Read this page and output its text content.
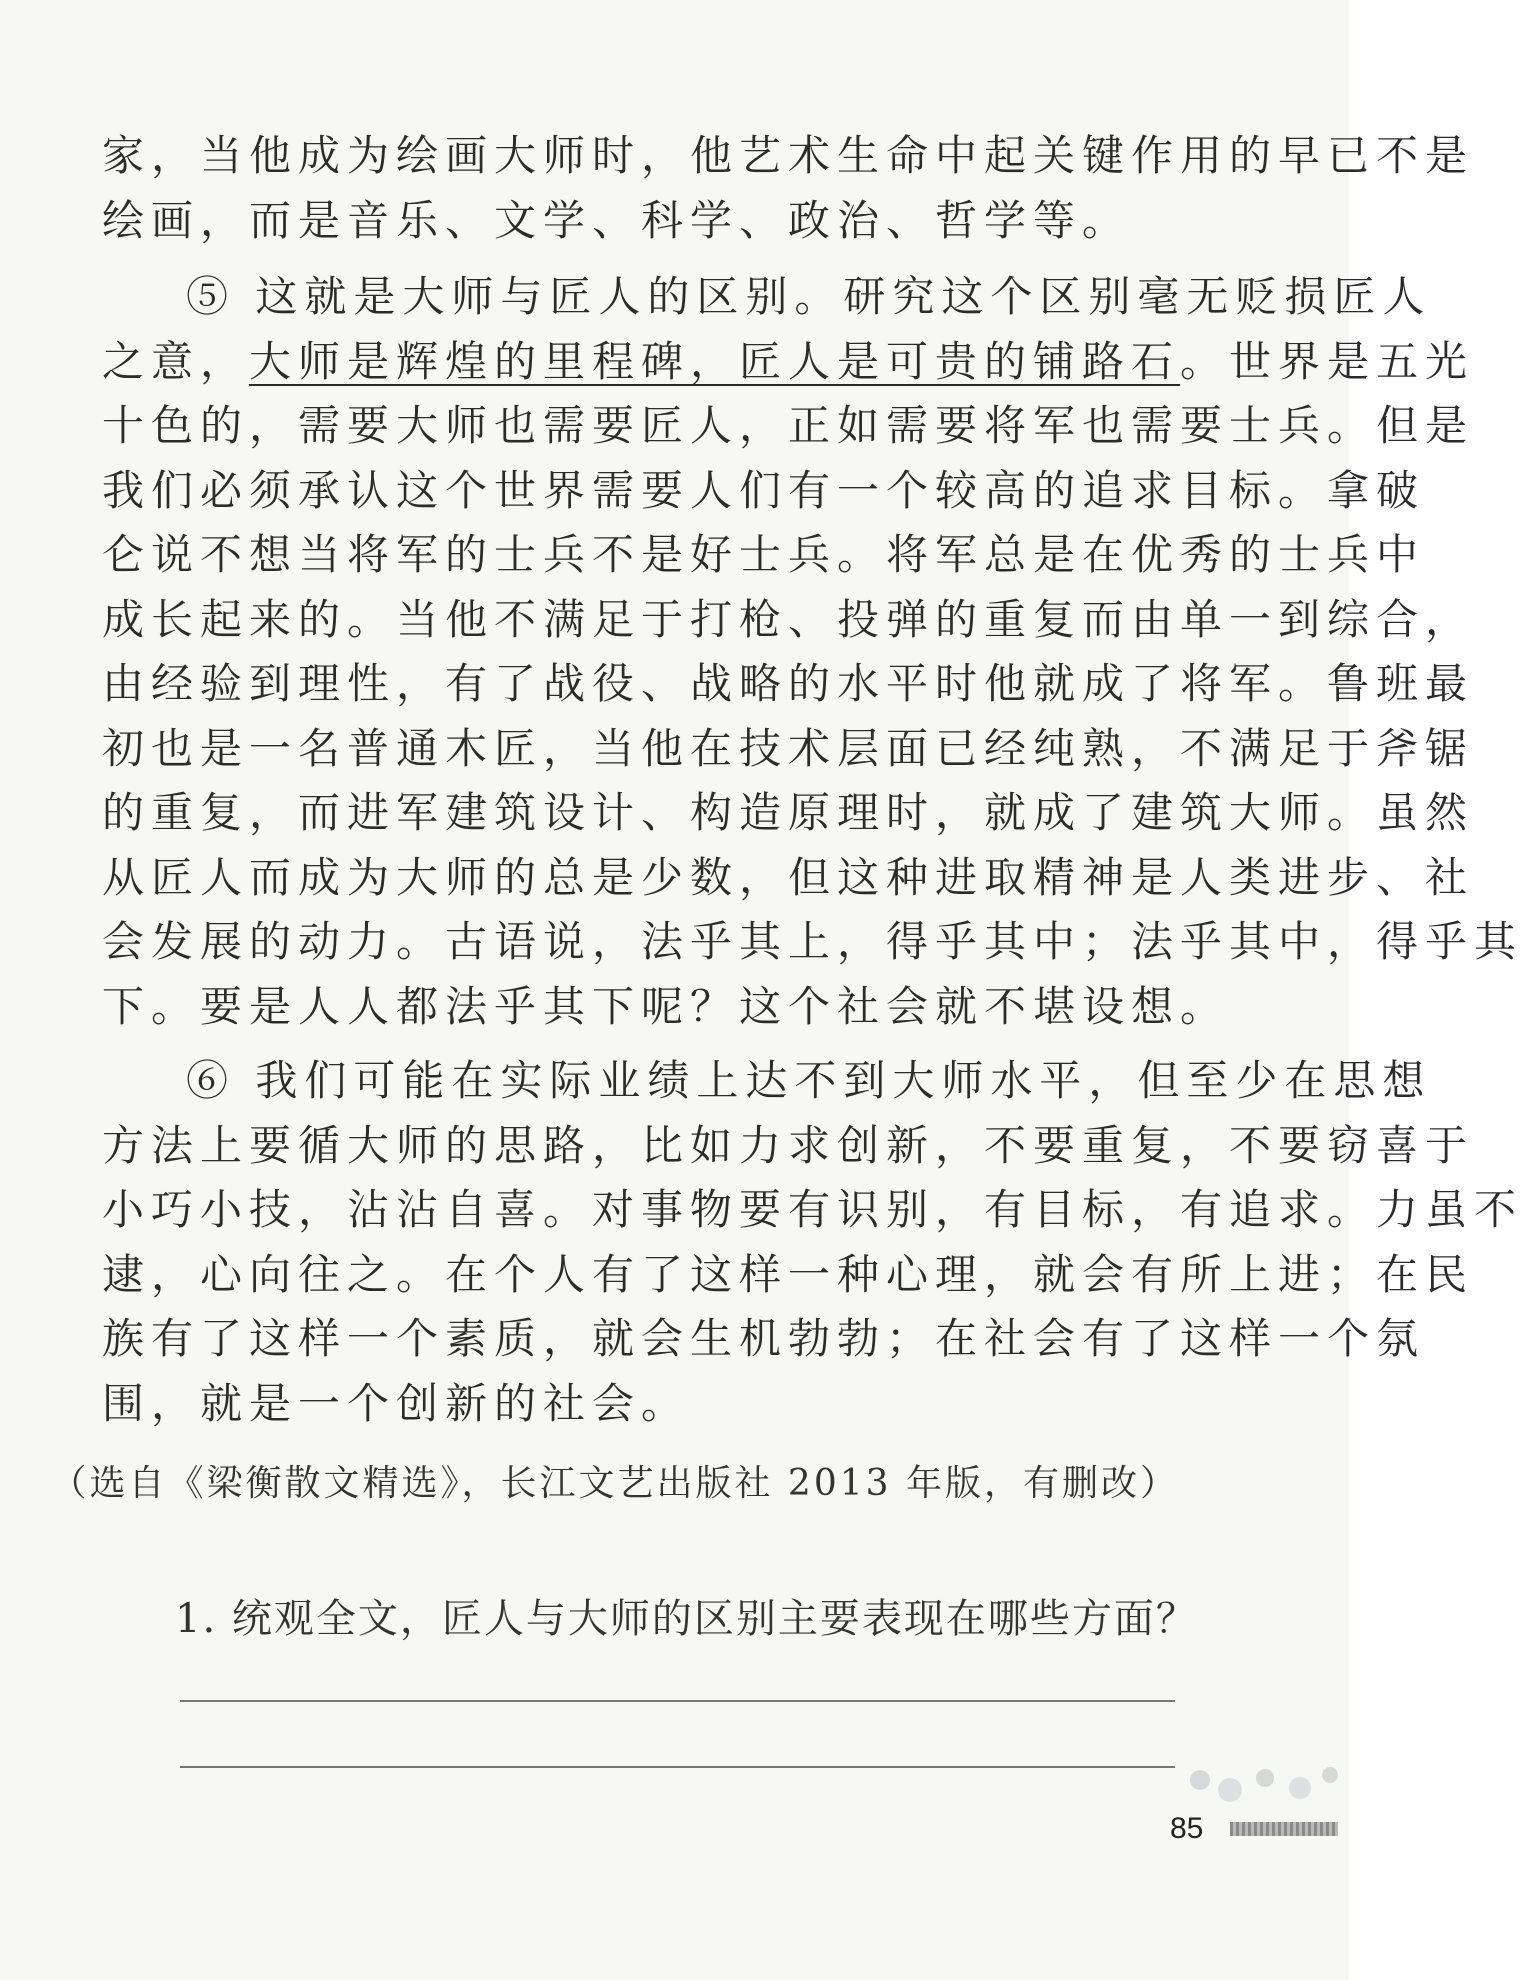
家，当他成为绘画大师时，他艺术生命中起关键作用的早已不是
绘画，而是音乐、文学、科学、政治、哲学等。
⑤ 这就是大师与匠人的区别。研究这个区别毫无贬损匠人
之意，大师是辉煌的里程碑，匠人是可贵的铺路石。世界是五光
十色的，需要大师也需要匠人，正如需要将军也需要士兵。但是
我们必须承认这个世界需要人们有一个较高的追求目标。拿破
仑说不想当将军的士兵不是好士兵。将军总是在优秀的士兵中
成长起来的。当他不满足于打枪、投弹的重复而由单一到综合，
由经验到理性，有了战役、战略的水平时他就成了将军。鲁班最
初也是一名普通木匠，当他在技术层面已经纯熟，不满足于斧锯
的重复，而进军建筑设计、构造原理时，就成了建筑大师。虽然
从匠人而成为大师的总是少数，但这种进取精神是人类进步、社
会发展的动力。古语说，法乎其上，得乎其中；法乎其中，得乎其
下。要是人人都法乎其下呢？这个社会就不堪设想。
⑥ 我们可能在实际业绩上达不到大师水平，但至少在思想
方法上要循大师的思路，比如力求创新，不要重复，不要窃喜于
小巧小技，沾沾自喜。对事物要有识别，有目标，有追求。力虽不
逮，心向往之。在个人有了这样一种心理，就会有所上进；在民
族有了这样一个素质，就会生机勃勃；在社会有了这样一个氛
围，就是一个创新的社会。
（选自《梁衡散文精选》，长江文艺出版社 2013 年版，有删改）
1. 统观全文，匠人与大师的区别主要表现在哪些方面？
85
